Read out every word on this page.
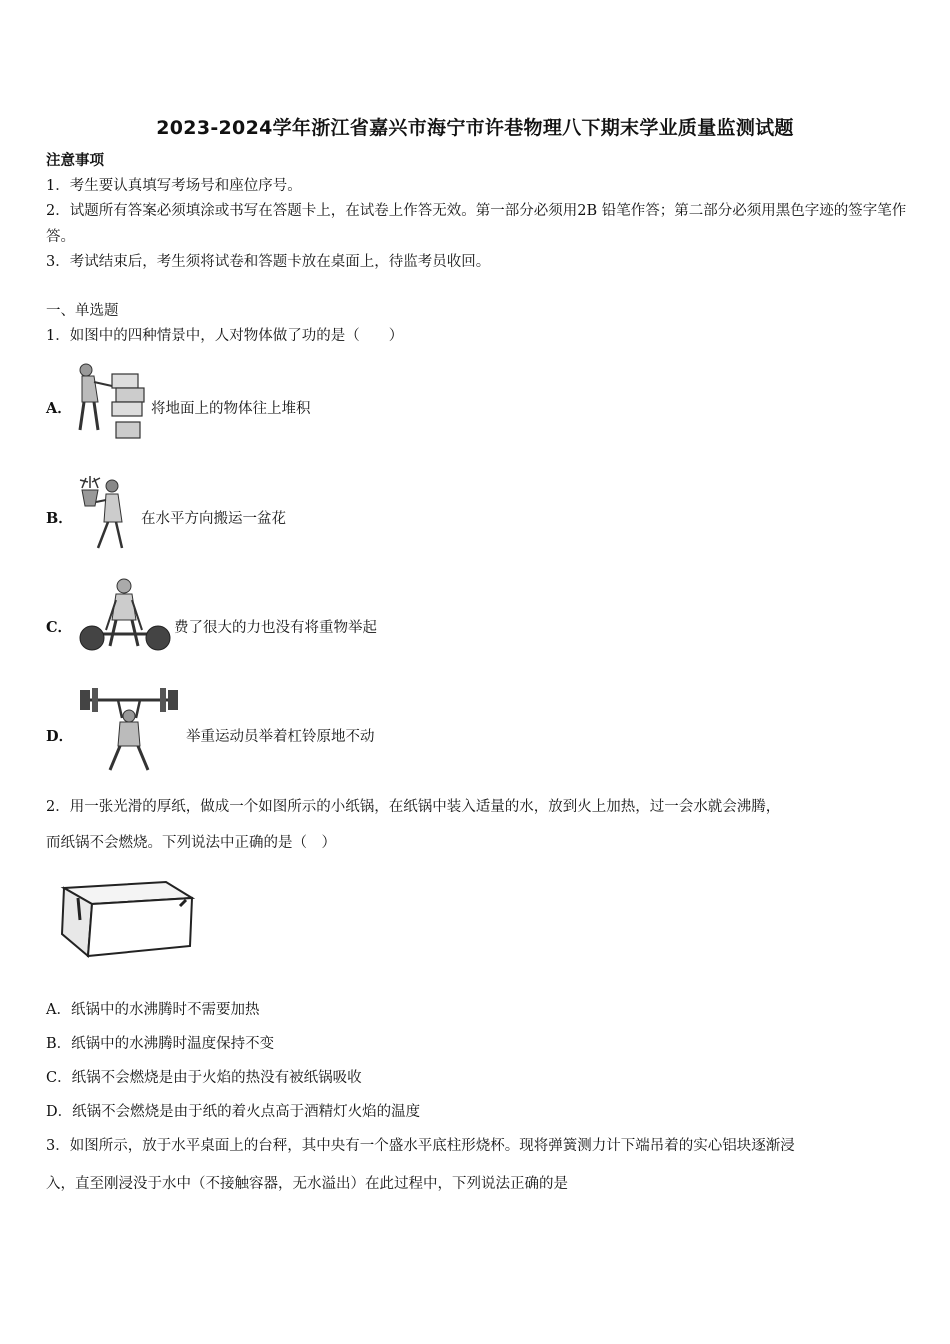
2023-2024学年浙江省嘉兴市海宁市许巷物理八下期末学业质量监测试题
注意事项
1．考生要认真填写考场号和座位序号。
2．试题所有答案必须填涂或书写在答题卡上，在试卷上作答无效。第一部分必须用2B 铅笔作答；第二部分必须用黑色字迹的签字笔作答。
3．考试结束后，考生须将试卷和答题卡放在桌面上，待监考员收回。
一、单选题
1．如图中的四种情景中，人对物体做了功的是（　　）
A．	将地面上的物体往上堆积
B．	在水平方向搬运一盆花
C．	费了很大的力也没有将重物举起
D．	举重运动员举着杠铃原地不动
2．用一张光滑的厚纸，做成一个如图所示的小纸锅，在纸锅中装入适量的水，放到火上加热，过一会水就会沸腾，
而纸锅不会燃烧。下列说法中正确的是（　）
A．纸锅中的水沸腾时不需要加热
B．纸锅中的水沸腾时温度保持不变
C．纸锅不会燃烧是由于火焰的热没有被纸锅吸收
D．纸锅不会燃烧是由于纸的着火点高于酒精灯火焰的温度
3．如图所示，放于水平桌面上的台秤，其中央有一个盛水平底柱形烧杯。现将弹簧测力计下端吊着的实心铝块逐渐浸
入，直至刚浸没于水中（不接触容器，无水溢出）在此过程中，下列说法正确的是
